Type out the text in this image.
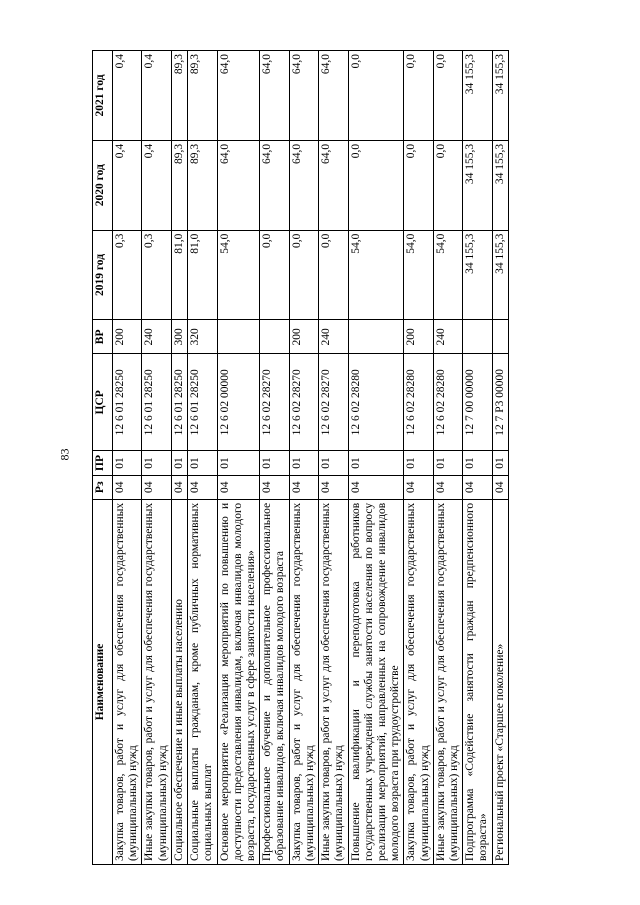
83
Наименование	Рз	ПР	ЦСР	ВР	2019 год	2020 год	2021 год
Закупка товаров, работ и услуг для обеспечения государственных (муниципальных) нужд	04	01	12 6 01 28250	200	0,3	0,4	0,4
Иные закупки товаров, работ и услуг для обеспечения государственных (муниципальных) нужд	04	01	12 6 01 28250	240	0,3	0,4	0,4
Социальное обеспечение и иные выплаты населению	04	01	12 6 01 28250	300	81,0	89,3	89,3
Социальные выплаты гражданам, кроме публичных нормативных социальных выплат	04	01	12 6 01 28250	320	81,0	89,3	89,3
Основное мероприятие «Реализация мероприятий по повышению и доступности предоставления инвалидам, включая инвалидов молодого возраста, государственных услуг в сфере занятости населения»	04	01	12 6 02 00000		54,0	64,0	64,0
Профессиональное обучение и дополнительное профессиональное образование инвалидов, включая инвалидов молодого возраста	04	01	12 6 02 28270		0,0	64,0	64,0
Закупка товаров, работ и услуг для обеспечения государственных (муниципальных) нужд	04	01	12 6 02 28270	200	0,0	64,0	64,0
Иные закупки товаров, работ и услуг для обеспечения государственных (муниципальных) нужд	04	01	12 6 02 28270	240	0,0	64,0	64,0
Повышение квалификации и переподготовка работников государственных учреждений службы занятости населения по вопросу реализации мероприятий, направленных на сопровождение инвалидов молодого возраста при трудоустройстве	04	01	12 6 02 28280		54,0	0,0	0,0
Закупка товаров, работ и услуг для обеспечения государственных (муниципальных) нужд	04	01	12 6 02 28280	200	54,0	0,0	0,0
Иные закупки товаров, работ и услуг для обеспечения государственных (муниципальных) нужд	04	01	12 6 02 28280	240	54,0	0,0	0,0
Подпрограмма «Содействие занятости граждан предпенсионного возраста»	04	01	12 7 00 00000		34 155,3	34 155,3	34 155,3
Региональный проект «Старшее поколение»	04	01	12 7 P3 00000		34 155,3	34 155,3	34 155,3
